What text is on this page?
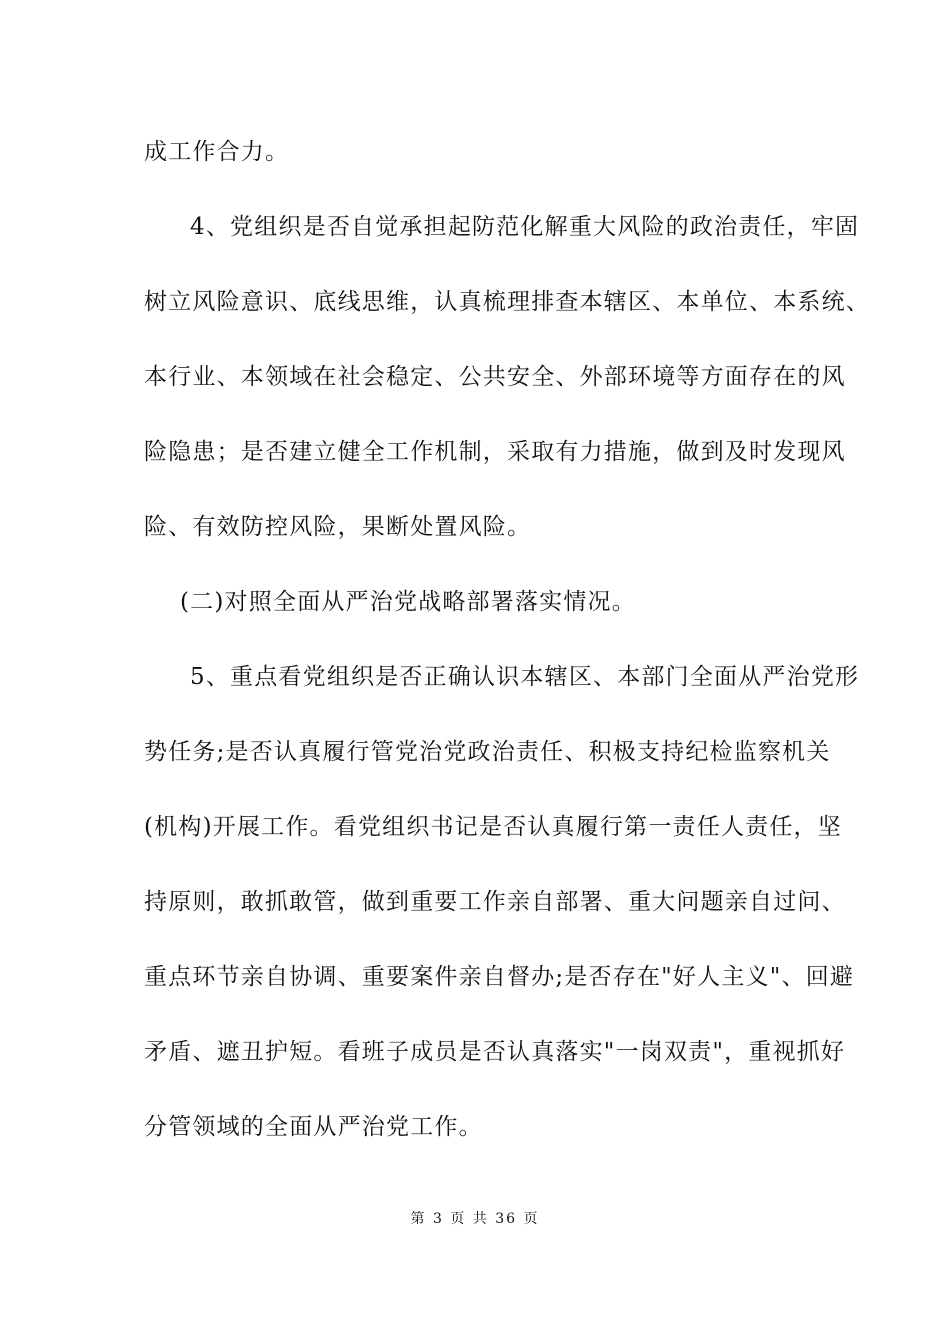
成工作合力。
4、党组织是否自觉承担起防范化解重大风险的政治责任，牢固
树立风险意识、底线思维，认真梳理排查本辖区、本单位、本系统、
本行业、本领域在社会稳定、公共安全、外部环境等方面存在的风
险隐患；是否建立健全工作机制，采取有力措施，做到及时发现风
险、有效防控风险，果断处置风险。
(二)对照全面从严治党战略部署落实情况。
5、重点看党组织是否正确认识本辖区、本部门全面从严治党形
势任务;是否认真履行管党治党政治责任、积极支持纪检监察机关
(机构)开展工作。看党组织书记是否认真履行第一责任人责任，坚
持原则，敢抓敢管，做到重要工作亲自部署、重大问题亲自过问、
重点环节亲自协调、重要案件亲自督办;是否存在"好人主义"、回避
矛盾、遮丑护短。看班子成员是否认真落实"一岗双责"，重视抓好
分管领域的全面从严治党工作。
第 3 页 共 36 页
